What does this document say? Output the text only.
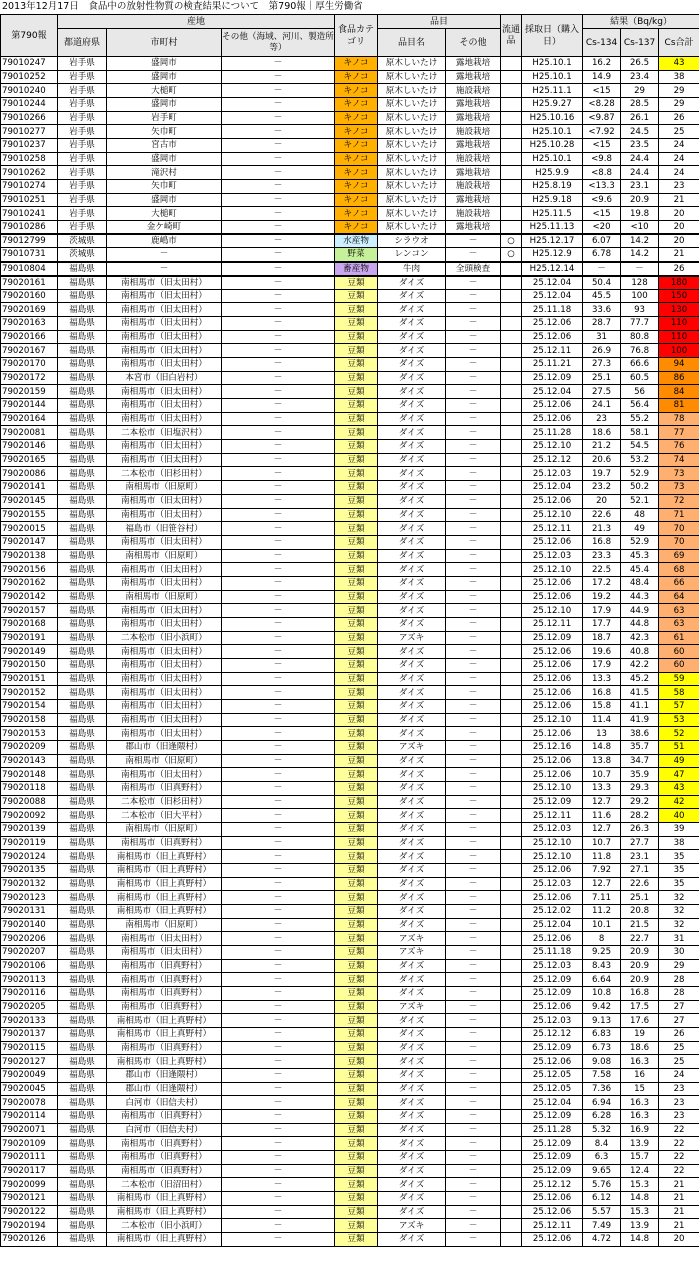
2013年12月17日　食品中の放射性物質の検査結果について　第790報｜厚生労働省
第790報	産地			食品カテゴリ	品目		流通品	採取日（購入日）	結果（Bq/kg）		
	都道府県	市町村	その他（海域、河川、製造所等）		品目名	その他			Cs-134	Cs-137	Cs合計
79010247	岩手県	盛岡市	－	キノコ	原木しいたけ	露地栽培		H25.10.1	16.2	26.5	43
79010252	岩手県	盛岡市	－	キノコ	原木しいたけ	露地栽培		H25.10.1	14.9	23.4	38
79010240	岩手県	大槌町	－	キノコ	原木しいたけ	施設栽培		H25.11.1	<15	29	29
79010244	岩手県	盛岡市	－	キノコ	原木しいたけ	露地栽培		H25.9.27	<8.28	28.5	29
79010266	岩手県	岩手町	－	キノコ	原木しいたけ	露地栽培		H25.10.16	<9.87	26.1	26
79010277	岩手県	矢巾町	－	キノコ	原木しいたけ	施設栽培		H25.10.1	<7.92	24.5	25
79010237	岩手県	宮古市	－	キノコ	原木しいたけ	露地栽培		H25.10.28	<15	23.5	24
79010258	岩手県	盛岡市	－	キノコ	原木しいたけ	施設栽培		H25.10.1	<9.8	24.4	24
79010262	岩手県	滝沢村	－	キノコ	原木しいたけ	露地栽培		H25.9.9	<8.8	24.4	24
79010274	岩手県	矢巾町	－	キノコ	原木しいたけ	施設栽培		H25.8.19	<13.3	23.1	23
79010251	岩手県	盛岡市	－	キノコ	原木しいたけ	露地栽培		H25.9.18	<9.6	20.9	21
79010241	岩手県	大槌町	－	キノコ	原木しいたけ	施設栽培		H25.11.5	<15	19.8	20
79010286	岩手県	金ケ崎町	－	キノコ	原木しいたけ	露地栽培		H25.11.13	<20	<10	20
79012799	茨城県	鹿嶋市	－	水産物	シラウオ	－	○	H25.12.17	6.07	14.2	20
79010731	茨城県	－	－	野菜	レンコン	－	○	H25.12.9	6.78	14.2	21
79010804	福島県	－	－	畜産物	牛肉	全頭検査		H25.12.14	－	－	26
79020161	福島県	南相馬市（旧太田村）	－	豆類	ダイズ	－		25.12.04	50.4	128	180
79020160	福島県	南相馬市（旧太田村）	－	豆類	ダイズ	－		25.12.04	45.5	100	150
79020169	福島県	南相馬市（旧太田村）	－	豆類	ダイズ	－		25.11.18	33.6	93	130
79020163	福島県	南相馬市（旧太田村）	－	豆類	ダイズ	－		25.12.06	28.7	77.7	110
79020166	福島県	南相馬市（旧太田村）	－	豆類	ダイズ	－		25.12.06	31	80.8	110
79020167	福島県	南相馬市（旧太田村）	－	豆類	ダイズ	－		25.12.11	26.9	76.8	100
79020170	福島県	南相馬市（旧太田村）	－	豆類	ダイズ	－		25.11.21	27.3	66.6	94
79020172	福島県	本宮市（旧白岩村）	－	豆類	ダイズ	－		25.12.09	25.1	60.5	86
79020159	福島県	南相馬市（旧太田村）	－	豆類	ダイズ	－		25.12.04	27.5	56	84
79020144	福島県	南相馬市（旧太田村）	－	豆類	ダイズ	－		25.12.06	24.1	56.4	81
79020164	福島県	南相馬市（旧太田村）	－	豆類	ダイズ	－		25.12.06	23	55.2	78
79020081	福島県	二本松市（旧塩沢村）	－	豆類	ダイズ	－		25.11.28	18.6	58.1	77
79020146	福島県	南相馬市（旧太田村）	－	豆類	ダイズ	－		25.12.10	21.2	54.5	76
79020165	福島県	南相馬市（旧太田村）	－	豆類	ダイズ	－		25.12.12	20.6	53.2	74
79020086	福島県	二本松市（旧杉田村）	－	豆類	ダイズ	－		25.12.03	19.7	52.9	73
79020141	福島県	南相馬市（旧原町）	－	豆類	ダイズ	－		25.12.04	23.2	50.2	73
79020145	福島県	南相馬市（旧太田村）	－	豆類	ダイズ	－		25.12.06	20	52.1	72
79020155	福島県	南相馬市（旧太田村）	－	豆類	ダイズ	－		25.12.10	22.6	48	71
79020015	福島県	福島市（旧笹谷村）	－	豆類	ダイズ	－		25.12.11	21.3	49	70
79020147	福島県	南相馬市（旧太田村）	－	豆類	ダイズ	－		25.12.06	16.8	52.9	70
79020138	福島県	南相馬市（旧原町）	－	豆類	ダイズ	－		25.12.03	23.3	45.3	69
79020156	福島県	南相馬市（旧太田村）	－	豆類	ダイズ	－		25.12.10	22.5	45.4	68
79020162	福島県	南相馬市（旧太田村）	－	豆類	ダイズ	－		25.12.06	17.2	48.4	66
79020142	福島県	南相馬市（旧原町）	－	豆類	ダイズ	－		25.12.06	19.2	44.3	64
79020157	福島県	南相馬市（旧太田村）	－	豆類	ダイズ	－		25.12.10	17.9	44.9	63
79020168	福島県	南相馬市（旧太田村）	－	豆類	ダイズ	－		25.12.11	17.7	44.8	63
79020191	福島県	二本松市（旧小浜町）	－	豆類	アズキ	－		25.12.09	18.7	42.3	61
79020149	福島県	南相馬市（旧太田村）	－	豆類	ダイズ	－		25.12.06	19.6	40.8	60
79020150	福島県	南相馬市（旧太田村）	－	豆類	ダイズ	－		25.12.06	17.9	42.2	60
79020151	福島県	南相馬市（旧太田村）	－	豆類	ダイズ	－		25.12.06	13.3	45.2	59
79020152	福島県	南相馬市（旧太田村）	－	豆類	ダイズ	－		25.12.06	16.8	41.5	58
79020154	福島県	南相馬市（旧太田村）	－	豆類	ダイズ	－		25.12.06	15.8	41.1	57
79020158	福島県	南相馬市（旧太田村）	－	豆類	ダイズ	－		25.12.10	11.4	41.9	53
79020153	福島県	南相馬市（旧太田村）	－	豆類	ダイズ	－		25.12.06	13	38.6	52
79020209	福島県	郡山市（旧逢隈村）	－	豆類	アズキ	－		25.12.16	14.8	35.7	51
79020143	福島県	南相馬市（旧原町）	－	豆類	ダイズ	－		25.12.06	13.8	34.7	49
79020148	福島県	南相馬市（旧太田村）	－	豆類	ダイズ	－		25.12.06	10.7	35.9	47
79020118	福島県	南相馬市（旧真野村）	－	豆類	ダイズ	－		25.12.10	13.3	29.3	43
79020088	福島県	二本松市（旧杉田村）	－	豆類	ダイズ	－		25.12.09	12.7	29.2	42
79020092	福島県	二本松市（旧大平村）	－	豆類	ダイズ	－		25.12.11	11.6	28.2	40
79020139	福島県	南相馬市（旧原町）	－	豆類	ダイズ	－		25.12.03	12.7	26.3	39
79020119	福島県	南相馬市（旧真野村）	－	豆類	ダイズ	－		25.12.10	10.7	27.7	38
79020124	福島県	南相馬市（旧上真野村）	－	豆類	ダイズ	－		25.12.10	11.8	23.1	35
79020135	福島県	南相馬市（旧上真野村）	－	豆類	ダイズ	－		25.12.06	7.92	27.1	35
79020132	福島県	南相馬市（旧上真野村）	－	豆類	ダイズ	－		25.12.03	12.7	22.6	35
79020123	福島県	南相馬市（旧上真野村）	－	豆類	ダイズ	－		25.12.06	7.11	25.1	32
79020131	福島県	南相馬市（旧上真野村）	－	豆類	ダイズ	－		25.12.02	11.2	20.8	32
79020140	福島県	南相馬市（旧原町）	－	豆類	ダイズ	－		25.12.04	10.1	21.5	32
79020206	福島県	南相馬市（旧太田村）	－	豆類	アズキ	－		25.12.06	8	22.7	31
79020207	福島県	南相馬市（旧太田村）	－	豆類	アズキ	－		25.11.18	9.25	20.9	30
79020106	福島県	南相馬市（旧真野村）	－	豆類	ダイズ	－		25.12.03	8.43	20.9	29
79020113	福島県	南相馬市（旧真野村）	－	豆類	ダイズ	－		25.12.09	6.64	20.9	28
79020116	福島県	南相馬市（旧真野村）	－	豆類	ダイズ	－		25.12.09	10.8	16.8	28
79020205	福島県	南相馬市（旧真野村）	－	豆類	アズキ	－		25.12.06	9.42	17.5	27
79020133	福島県	南相馬市（旧上真野村）	－	豆類	ダイズ	－		25.12.03	9.13	17.6	27
79020137	福島県	南相馬市（旧上真野村）	－	豆類	ダイズ	－		25.12.12	6.83	19	26
79020115	福島県	南相馬市（旧真野村）	－	豆類	ダイズ	－		25.12.09	6.73	18.6	25
79020127	福島県	南相馬市（旧上真野村）	－	豆類	ダイズ	－		25.12.06	9.08	16.3	25
79020049	福島県	郡山市（旧逢隈村）	－	豆類	ダイズ	－		25.12.05	7.58	16	24
79020045	福島県	郡山市（旧逢隈村）	－	豆類	ダイズ	－		25.12.05	7.36	15	23
79020078	福島県	白河市（旧信夫村）	－	豆類	ダイズ	－		25.12.04	6.94	16.3	23
79020114	福島県	南相馬市（旧真野村）	－	豆類	ダイズ	－		25.12.09	6.28	16.3	23
79020071	福島県	白河市（旧信夫村）	－	豆類	ダイズ	－		25.11.28	5.32	16.9	22
79020109	福島県	南相馬市（旧真野村）	－	豆類	ダイズ	－		25.12.09	8.4	13.9	22
79020111	福島県	南相馬市（旧真野村）	－	豆類	ダイズ	－		25.12.09	6.3	15.7	22
79020117	福島県	南相馬市（旧真野村）	－	豆類	ダイズ	－		25.12.09	9.65	12.4	22
79020099	福島県	二本松市（旧沼田村）	－	豆類	ダイズ	－		25.12.12	5.76	15.3	21
79020121	福島県	南相馬市（旧上真野村）	－	豆類	ダイズ	－		25.12.06	6.12	14.8	21
79020122	福島県	南相馬市（旧上真野村）	－	豆類	ダイズ	－		25.12.06	5.57	15.3	21
79020194	福島県	二本松市（旧小浜町）	－	豆類	アズキ	－		25.12.11	7.49	13.9	21
79020126	福島県	南相馬市（旧上真野村）	－	豆類	ダイズ	－		25.12.06	4.72	14.8	20
